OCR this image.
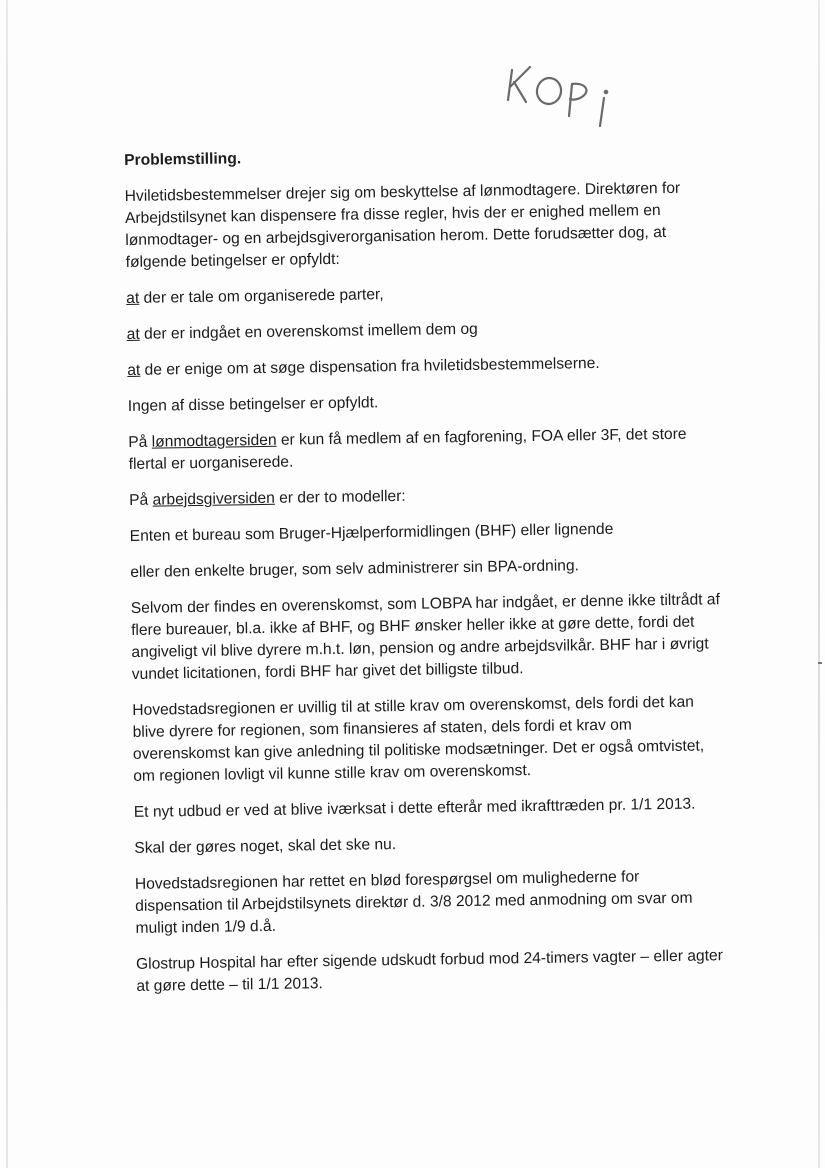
Problemstilling.
Hviletidsbestemmelser drejer sig om beskyttelse af lønmodtagere. Direktøren for Arbejdstilsynet kan dispensere fra disse regler, hvis der er enighed mellem en lønmodtager- og en arbejdsgiverorganisation herom. Dette forudsætter dog, at følgende betingelser er opfyldt:
at der er tale om organiserede parter,
at der er indgået en overenskomst imellem dem og
at de er enige om at søge dispensation fra hviletidsbestemmelserne.
Ingen af disse betingelser er opfyldt.
På lønmodtagersiden er kun få medlem af en fagforening, FOA eller 3F, det store flertal er uorganiserede.
På arbejdsgiversiden er der to modeller:
Enten et bureau som Bruger-Hjælperformidlingen (BHF) eller lignende
eller den enkelte bruger, som selv administrerer sin BPA-ordning.
Selvom der findes en overenskomst, som LOBPA har indgået, er denne ikke tiltrådt af flere bureauer, bl.a. ikke af BHF, og BHF ønsker heller ikke at gøre dette, fordi det angiveligt vil blive dyrere m.h.t. løn, pension og andre arbejdsvilkår. BHF har i øvrigt vundet licitationen, fordi BHF har givet det billigste tilbud.
Hovedstadsregionen er uvillig til at stille krav om overenskomst, dels fordi det kan blive dyrere for regionen, som finansieres af staten, dels fordi et krav om overenskomst kan give anledning til politiske modsætninger. Det er også omtvistet, om regionen lovligt vil kunne stille krav om overenskomst.
Et nyt udbud er ved at blive iværksat i dette efterår med ikrafttræden pr. 1/1 2013.
Skal der gøres noget, skal det ske nu.
Hovedstadsregionen har rettet en blød forespørgsel om mulighederne for dispensation til Arbejdstilsynets direktør d. 3/8 2012 med anmodning om svar om muligt inden 1/9 d.å.
Glostrup Hospital har efter sigende udskudt forbud mod 24-timers vagter – eller agter at gøre dette – til 1/1 2013.
